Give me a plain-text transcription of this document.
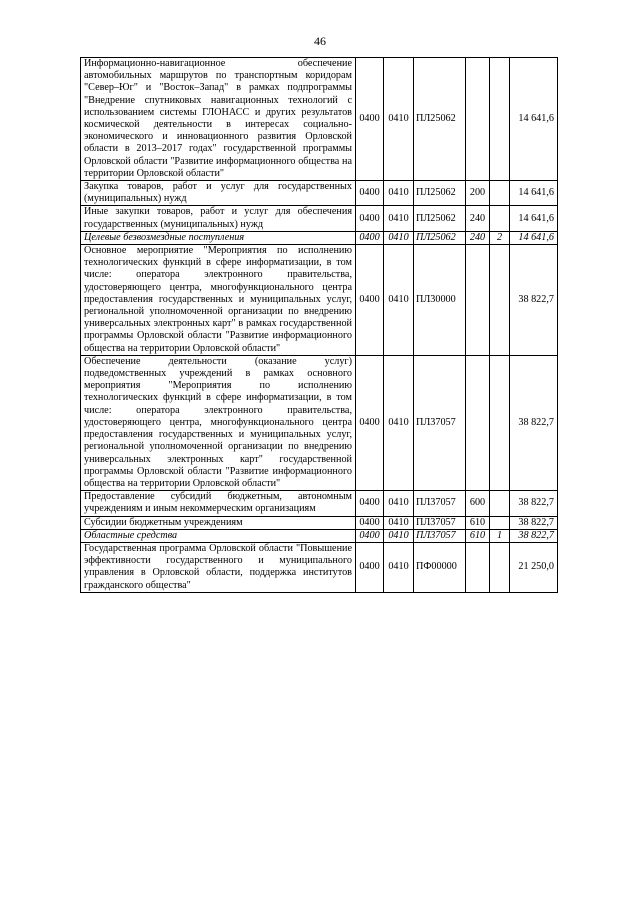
46
Информационно-навигационное обеспечение автомобильных маршрутов по транспортным коридорам "Север–Юг" и "Восток–Запад" в рамках подпрограммы "Внедрение спутниковых навигационных технологий с использованием системы ГЛОНАСС и других результатов космической деятельности в интересах социально-экономического и инновационного развития Орловской области в 2013–2017 годах" государственной программы Орловской области "Развитие информационного общества на территории Орловской области"	0400	0410	ПЛ25062			14 641,6
Закупка товаров, работ и услуг для государственных (муниципальных) нужд	0400	0410	ПЛ25062	200		14 641,6
Иные закупки товаров, работ и услуг для обеспечения государственных (муниципальных) нужд	0400	0410	ПЛ25062	240		14 641,6
Целевые безвозмездные поступления	0400	0410	ПЛ25062	240	2	14 641,6
Основное мероприятие "Мероприятия по исполнению технологических функций в сфере информатизации, в том числе: оператора электронного правительства, удостоверяющего центра, многофункционального центра предоставления государственных и муниципальных услуг, региональной уполномоченной организации по внедрению универсальных электронных карт" в рамках государственной программы Орловской области "Развитие информационного общества на территории Орловской области"	0400	0410	ПЛ30000			38 822,7
Обеспечение деятельности (оказание услуг) подведомственных учреждений в рамках основного мероприятия "Мероприятия по исполнению технологических функций в сфере информатизации, в том числе: оператора электронного правительства, удостоверяющего центра, многофункционального центра предоставления государственных и муниципальных услуг, региональной уполномоченной организации по внедрению универсальных электронных карт" государственной программы Орловской области "Развитие информационного общества на территории Орловской области"	0400	0410	ПЛ37057			38 822,7
Предоставление субсидий бюджетным, автономным учреждениям и иным некоммерческим организациям	0400	0410	ПЛ37057	600		38 822,7
Субсидии бюджетным учреждениям	0400	0410	ПЛ37057	610		38 822,7
Областные средства	0400	0410	ПЛ37057	610	1	38 822,7
Государственная программа Орловской области "Повышение эффективности государственного и муниципального управления в Орловской области, поддержка институтов гражданского общества"	0400	0410	ПФ00000			21 250,0
